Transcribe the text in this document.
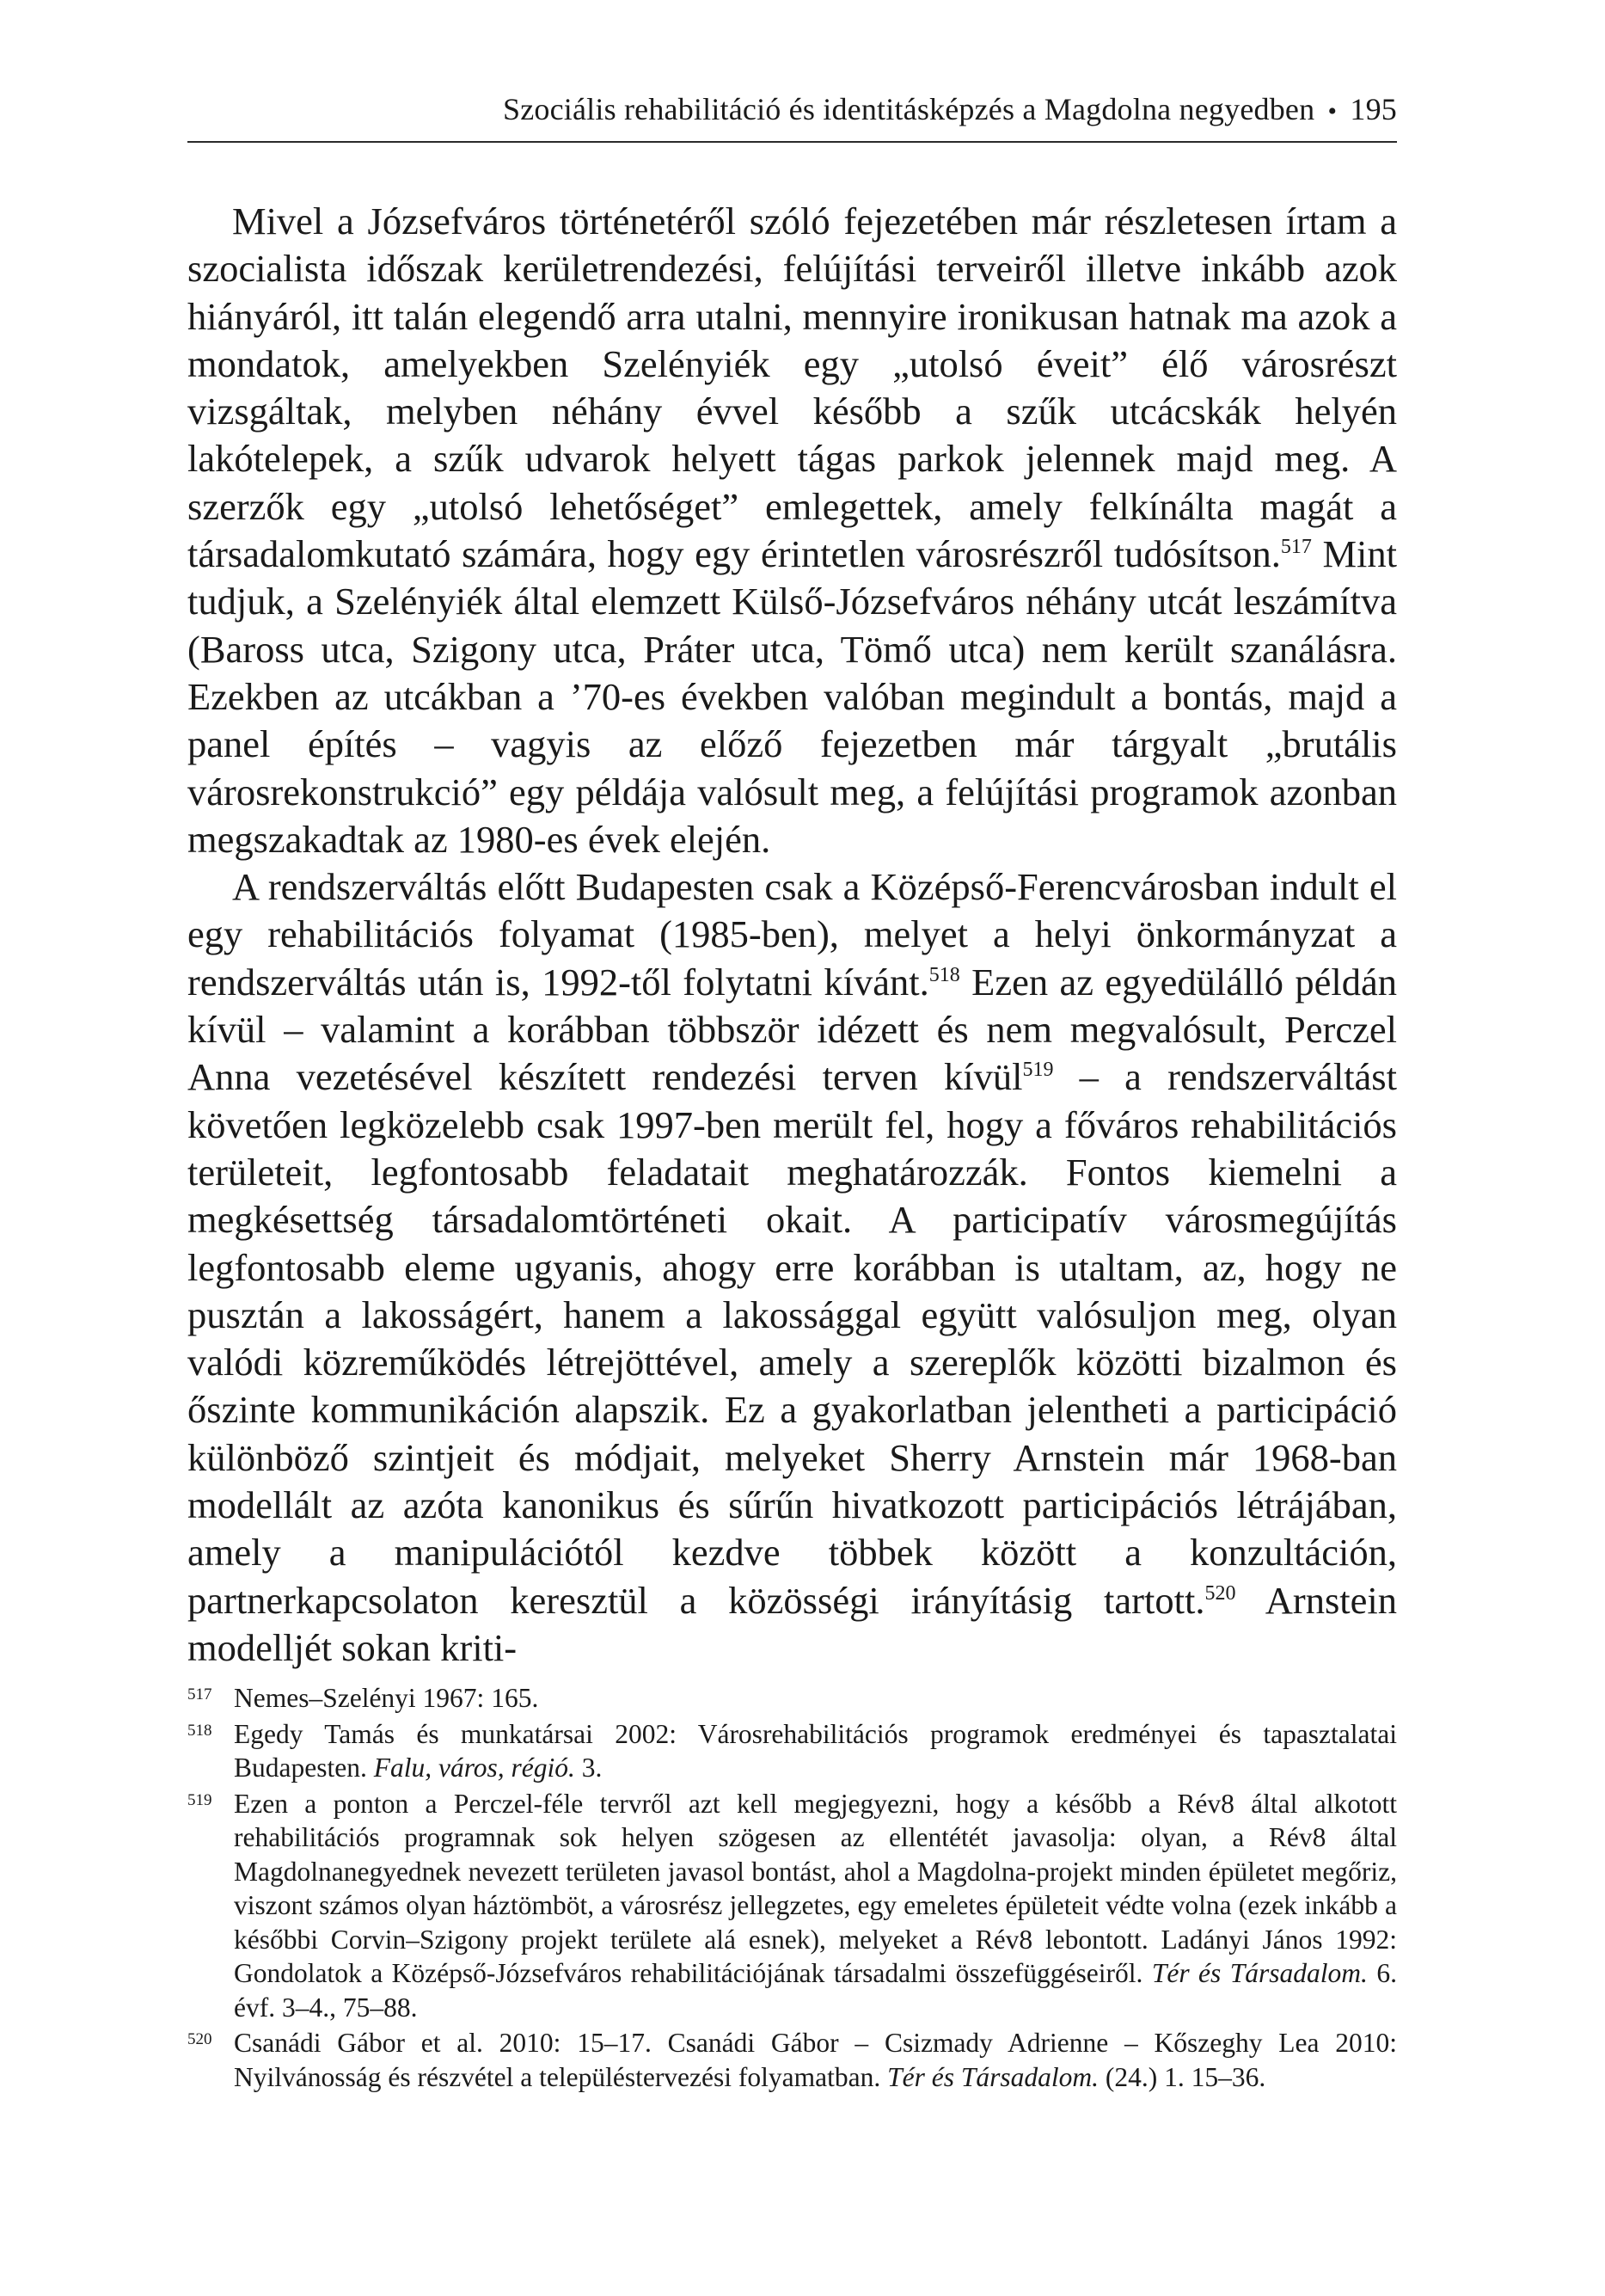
Szociális rehabilitáció és identitásképzés a Magdolna negyedben • 195

Mivel a Józsefváros történetéről szóló fejezetében már részletesen írtam a szocialista időszak kerületrendezési, felújítási terveiről illetve inkább azok hiányáról, itt talán elegendő arra utalni, mennyire ironikusan hatnak ma azok a mondatok, amelyekben Szelényiék egy „utolsó éveit” élő városrészt vizsgáltak, melyben néhány évvel később a szűk utcácskák helyén lakótelepek, a szűk udvarok helyett tágas parkok jelennek majd meg. A szerzők egy „utolsó lehetőséget” emlegettek, amely felkínálta magát a társadalomkutató számára, hogy egy érintetlen városrészről tudósítson.$^{517}$ Mint tudjuk, a Szelényiék által elemzett Külső-Józsefváros néhány utcát leszámítva (Baross utca, Szigony utca, Práter utca, Tömő utca) nem került szanálásra. Ezekben az utcákban a ’70-es években valóban megindult a bontás, majd a panel építés – vagyis az előző fejezetben már tárgyalt „brutális városrekonstrukció” egy példája valósult meg, a felújítási programok azonban megszakadtak az 1980-es évek elején.

A rendszerváltás előtt Budapesten csak a Középső-Ferencvárosban indult el egy rehabilitációs folyamat (1985-ben), melyet a helyi önkormányzat a rendszerváltás után is, 1992-től folytatni kívánt.$^{518}$ Ezen az egyedülálló példán kívül – valamint a korábban többször idézett és nem megvalósult, Perczel Anna vezetésével készített rendezési terven kívül$^{519}$ – a rendszerváltást követően legközelebb csak 1997-ben merült fel, hogy a főváros rehabilitációs területeit, legfontosabb feladatait meghatározzák. Fontos kiemelni a megkésettség társadalomtörténeti okait. A participatív városmegújítás legfontosabb eleme ugyanis, ahogy erre korábban is utaltam, az, hogy ne pusztán a lakosságért, hanem a lakossággal együtt valósuljon meg, olyan valódi közreműködés létrejöttével, amely a szereplők közötti bizalmon és őszinte kommunikáción alapszik. Ez a gyakorlatban jelentheti a participáció különböző szintjeit és módjait, melyeket Sherry Arnstein már 1968-ban modellált az azóta kanonikus és sűrűn hivatkozott participációs létrájában, amely a manipulációtól kezdve többek között a konzultáción, partnerkapcsolaton keresztül a közösségi irányításig tartott.$^{520}$ Arnstein modelljét sokan kriti-

517 Nemes–Szelényi 1967: 165.
518 Egedy Tamás és munkatársai 2002: Városrehabilitációs programok eredményei és tapasztalatai Budapesten. Falu, város, régió. 3.
519 Ezen a ponton a Perczel-féle tervről azt kell megjegyezni, hogy a később a Rév8 által alkotott rehabilitációs programnak sok helyen szögesen az ellentétét javasolja: olyan, a Rév8 által Magdolnanegyednek nevezett területen javasol bontást, ahol a Magdolna-projekt minden épületet megőriz, viszont számos olyan háztömböt, a városrész jellegzetes, egy emeletes épületeit védte volna (ezek inkább a későbbi Corvin–Szigony projekt területe alá esnek), melyeket a Rév8 lebontott. Ladányi János 1992: Gondolatok a Középső-Józsefváros rehabilitációjának társadalmi összefüggéseiről. Tér és Társadalom. 6. évf. 3–4., 75–88.
520 Csanádi Gábor et al. 2010: 15–17. Csanádi Gábor – Csizmady Adrienne – Kőszeghy Lea 2010: Nyilvánosság és részvétel a településtervezési folyamatban. Tér és Társadalom. (24.) 1. 15–36.
